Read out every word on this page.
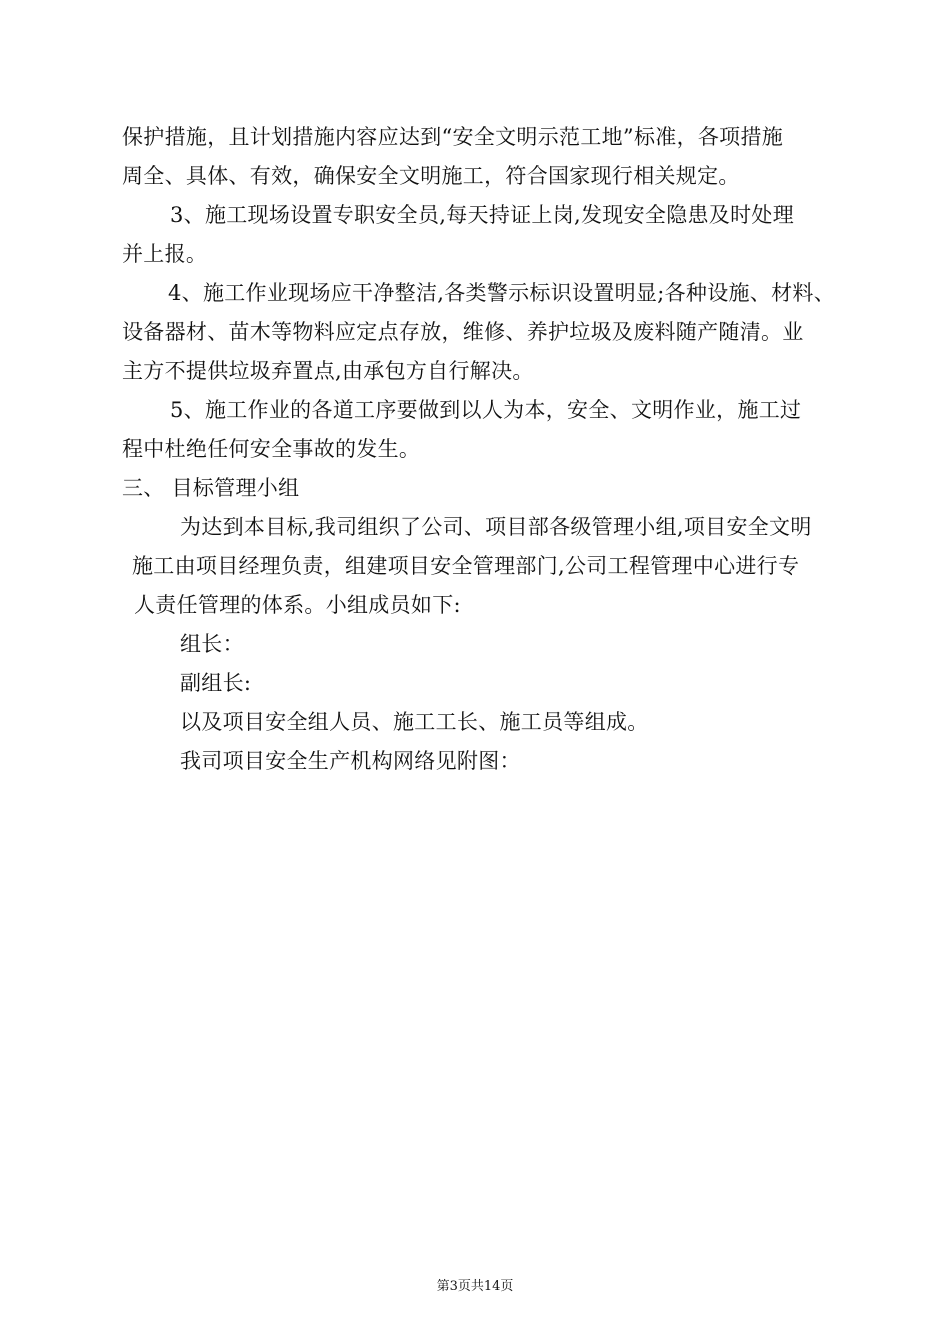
保护措施，且计划措施内容应达到“安全文明示范工地”标准，各项措施
周全、具体、有效，确保安全文明施工，符合国家现行相关规定。
3、施工现场设置专职安全员,每天持证上岗,发现安全隐患及时处理
并上报。
4、施工作业现场应干净整洁,各类警示标识设置明显;各种设施、材料、
设备器材、苗木等物料应定点存放，维修、养护垃圾及废料随产随清。业
主方不提供垃圾弃置点,由承包方自行解决。
5、施工作业的各道工序要做到以人为本，安全、文明作业，施工过
程中杜绝任何安全事故的发生。
三、 目标管理小组
为达到本目标,我司组织了公司、项目部各级管理小组,项目安全文明
施工由项目经理负责，组建项目安全管理部门,公司工程管理中心进行专
人责任管理的体系。小组成员如下:
组长：
副组长:
以及项目安全组人员、施工工长、施工员等组成。
我司项目安全生产机构网络见附图：
第3页共14页
